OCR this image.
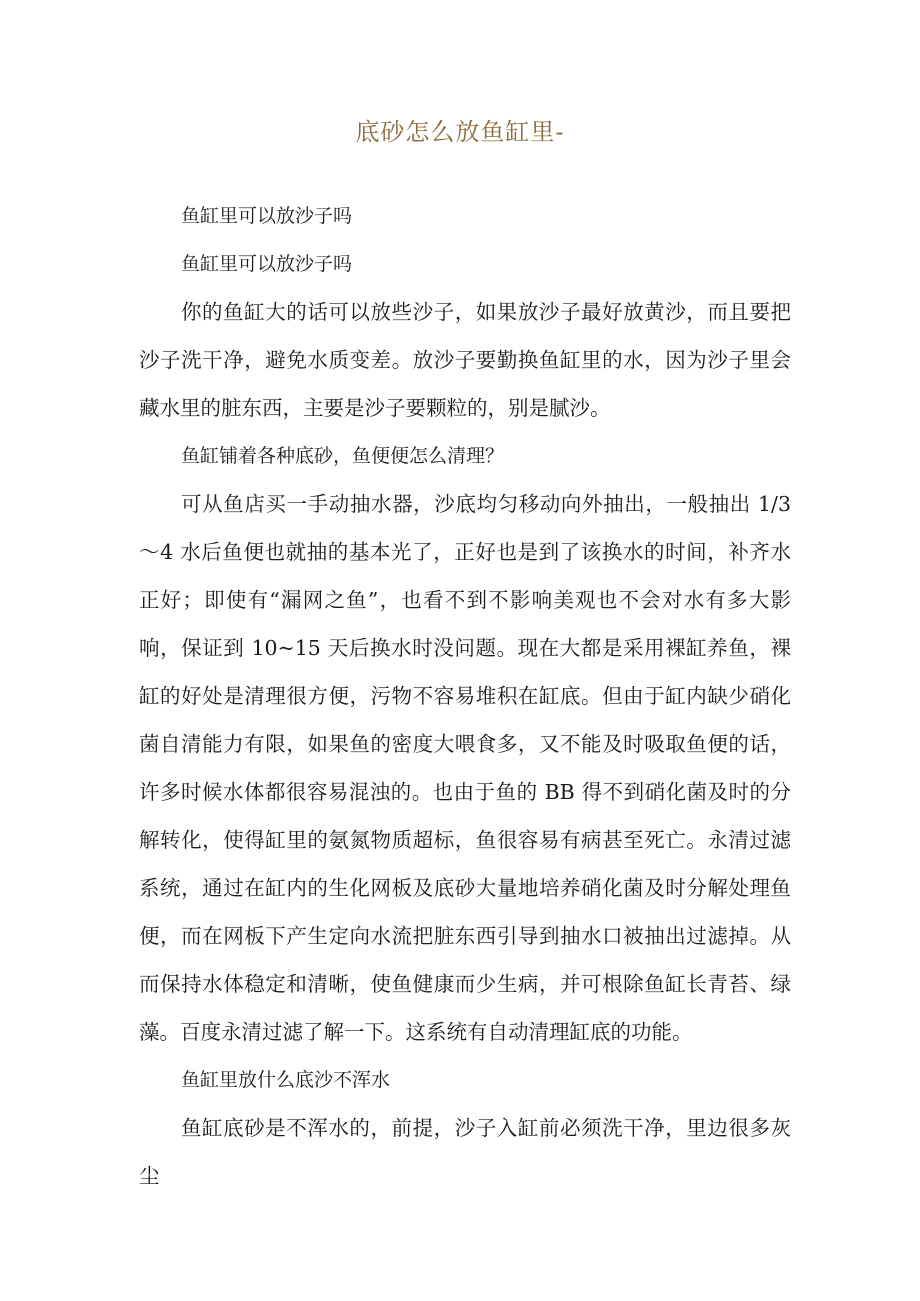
底砂怎么放鱼缸里-

鱼缸里可以放沙子吗

鱼缸里可以放沙子吗

你的鱼缸大的话可以放些沙子，如果放沙子最好放黄沙，而且要把沙子洗干净，避免水质变差。放沙子要勤换鱼缸里的水，因为沙子里会藏水里的脏东西，主要是沙子要颗粒的，别是腻沙。

鱼缸铺着各种底砂，鱼便便怎么清理？

可从鱼店买一手动抽水器，沙底均匀移动向外抽出，一般抽出 1/3～4 水后鱼便也就抽的基本光了，正好也是到了该换水的时间，补齐水正好；即使有“漏网之鱼”，也看不到不影响美观也不会对水有多大影响，保证到 10~15 天后换水时没问题。现在大都是采用裸缸养鱼，裸缸的好处是清理很方便，污物不容易堆积在缸底。但由于缸内缺少硝化菌自清能力有限，如果鱼的密度大喂食多，又不能及时吸取鱼便的话，许多时候水体都很容易混浊的。也由于鱼的 BB 得不到硝化菌及时的分解转化，使得缸里的氨氮物质超标，鱼很容易有病甚至死亡。永清过滤系统，通过在缸内的生化网板及底砂大量地培养硝化菌及时分解处理鱼便，而在网板下产生定向水流把脏东西引导到抽水口被抽出过滤掉。从而保持水体稳定和清晰，使鱼健康而少生病，并可根除鱼缸长青苔、绿藻。百度永清过滤了解一下。这系统有自动清理缸底的功能。

鱼缸里放什么底沙不浑水

鱼缸底砂是不浑水的，前提，沙子入缸前必须洗干净，里边很多灰尘
